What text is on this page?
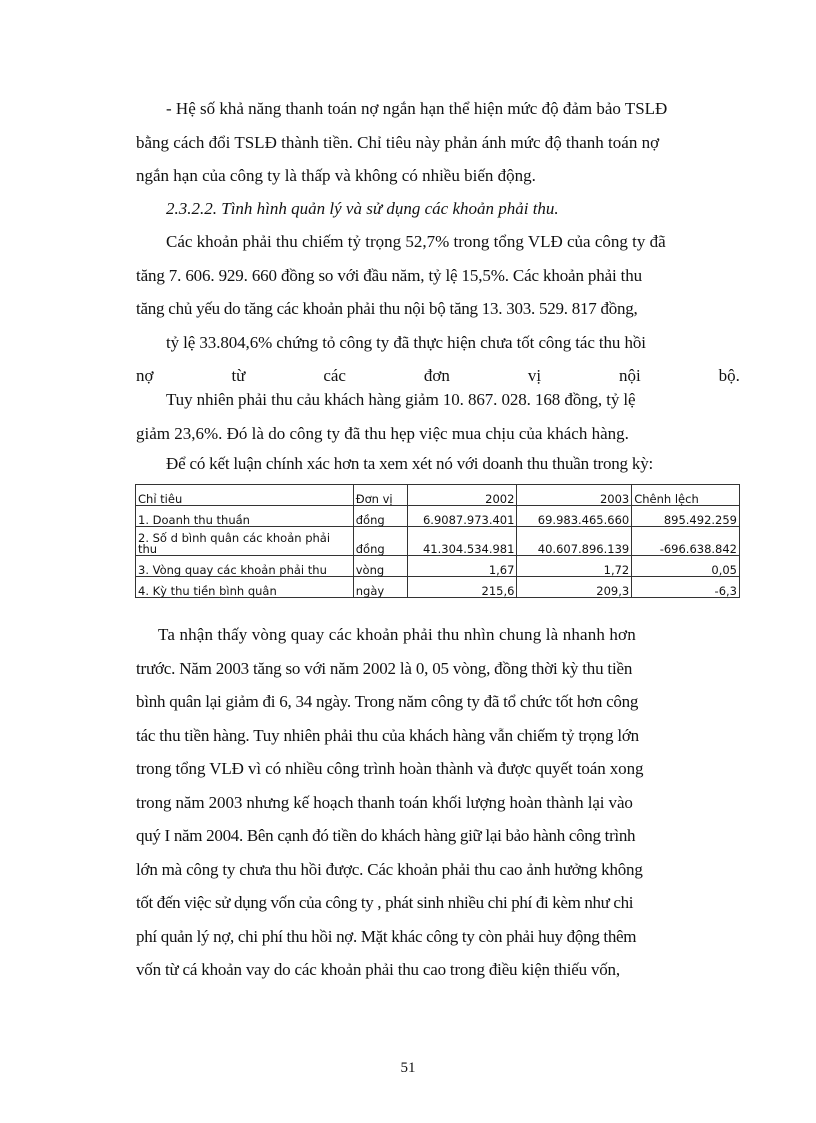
- Hệ số khả năng thanh toán nợ ngắn hạn thể hiện mức độ đảm bảo TSLĐ
bằng cách đổi TSLĐ thành tiền. Chỉ tiêu này phản ánh mức độ thanh toán nợ
ngắn hạn của công ty là thấp và không có nhiều biến động.
2.3.2.2. Tình hình quản lý và sử dụng các khoản phải thu.
Các khoản phải thu chiếm tỷ trọng 52,7% trong tổng VLĐ của công ty đã
tăng 7. 606. 929. 660 đồng so với đầu năm, tỷ lệ 15,5%. Các khoản phải thu
tăng chủ yếu do tăng các khoản phải thu nội bộ tăng 13. 303. 529. 817 đồng,
tỷ lệ 33.804,6% chứng tỏ công ty đã thực hiện chưa tốt công tác thu hồi
nợ	từ	các	đơn	vị	nội	bộ.
Tuy nhiên phải thu cảu khách hàng giảm 10. 867. 028. 168 đồng, tỷ lệ
giảm 23,6%. Đó là do công ty đã thu hẹp việc mua chịu của khách hàng.
Để có kết luận chính xác hơn ta xem xét nó với doanh thu thuần trong kỳ:
Chỉ tiêu	Đơn vị	2002	2003	Chênh lệch
1. Doanh thu thuần	đồng	6.9087.973.401	69.983.465.660	895.492.259
2. Số d bình quân các khoản phải thu	đồng	41.304.534.981	40.607.896.139	-696.638.842
3. Vòng quay các khoản phải thu	vòng	1,67	1,72	0,05
4. Kỳ thu tiền bình quân	ngày	215,6	209,3	-6,3
Ta nhận thấy vòng quay các khoản phải thu nhìn chung là nhanh hơn
trước. Năm 2003 tăng so với năm 2002 là 0, 05 vòng, đồng thời kỳ thu tiền
bình quân lại giảm đi 6, 34 ngày. Trong năm công ty đã tổ chức tốt hơn công
tác thu tiền hàng. Tuy nhiên phải thu của khách hàng vẫn chiếm tỷ trọng lớn
trong tổng VLĐ vì có nhiều công trình hoàn thành và được quyết toán xong
trong năm 2003 nhưng kế hoạch thanh toán khối lượng hoàn thành lại vào
quý I năm 2004. Bên cạnh đó tiền do khách hàng giữ lại bảo hành công trình
lớn mà công ty chưa thu hồi được. Các khoản phải thu cao ảnh hưởng không
tốt đến việc sử dụng vốn của công ty , phát sinh nhiều chi phí đi kèm như chi
phí quản lý nợ, chi phí thu hồi nợ. Mặt khác công ty còn phải huy động thêm
vốn từ cá khoản vay do các khoản phải thu cao trong điều kiện thiếu vốn,
51
